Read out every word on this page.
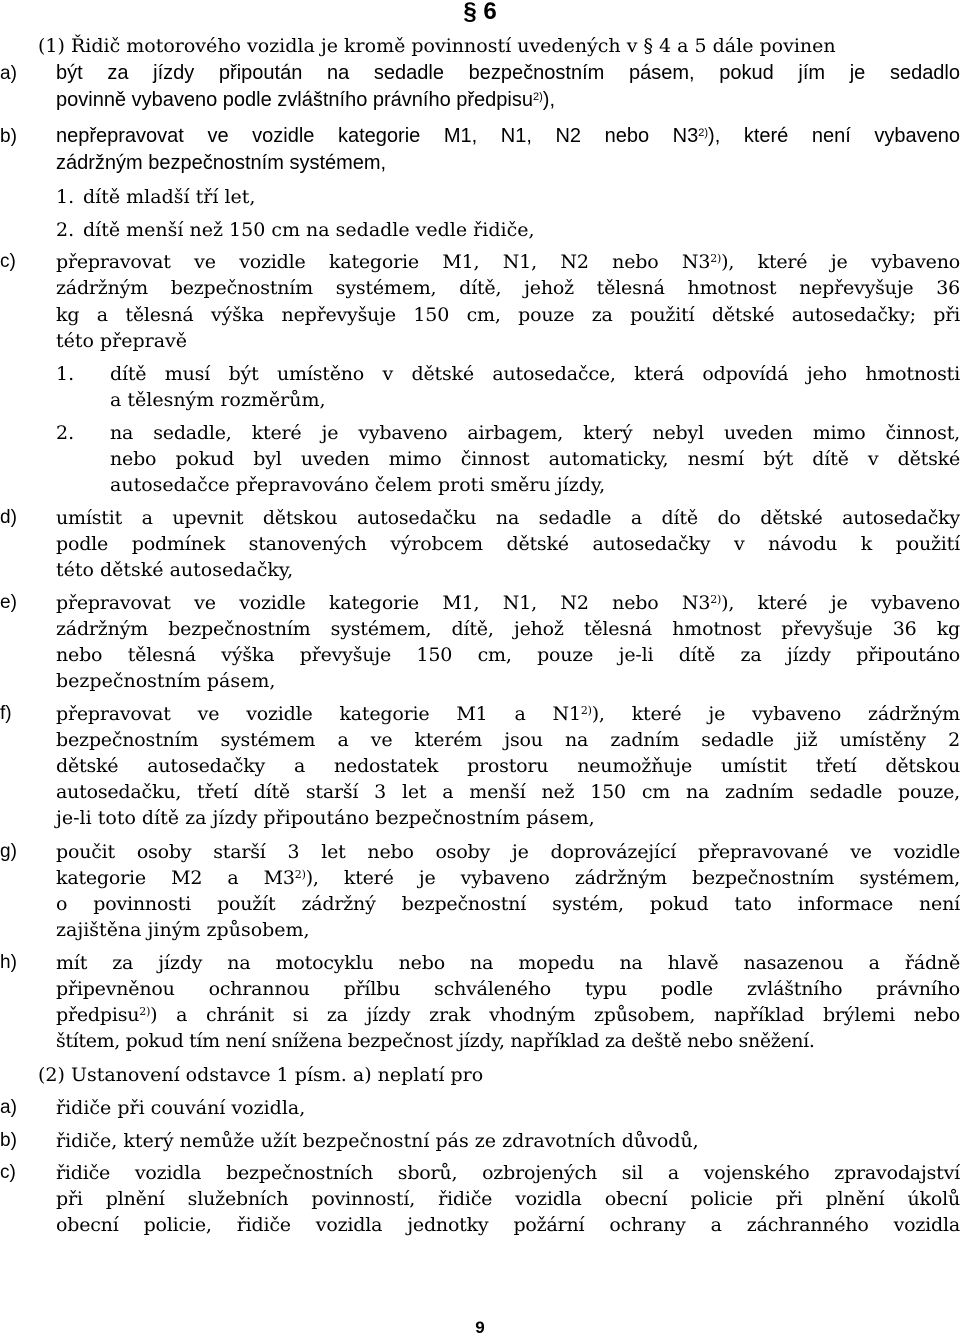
§ 6
(1) Řidič motorového vozidla je kromě povinností uvedených v § 4 a 5 dále povinen
a) být za jízdy připoután na sedadle bezpečnostním pásem, pokud jím je sedadlo
povinně vybaveno podle zvláštního právního předpisu$^{2)}$),
b) nepřepravovat ve vozidle kategorie M1, N1, N2 nebo N3$^{2)}$), které není vybaveno
zádržným bezpečnostním systémem,
1. dítě mladší tří let,
2. dítě menší než 150 cm na sedadle vedle řidiče,
c) přepravovat ve vozidle kategorie M1, N1, N2 nebo N3$^{2)}$), které je vybaveno
zádržným bezpečnostním systémem, dítě, jehož tělesná hmotnost nepřevyšuje 36
kg a tělesná výška nepřevyšuje 150 cm, pouze za použití dětské autosedačky; při
této přepravě
1. dítě musí být umístěno v dětské autosedačce, která odpovídá jeho hmotnosti
a tělesným rozměrům,
2. na sedadle, které je vybaveno airbagem, který nebyl uveden mimo činnost,
nebo pokud byl uveden mimo činnost automaticky, nesmí být dítě v dětské
autosedačce přepravováno čelem proti směru jízdy,
d) umístit a upevnit dětskou autosedačku na sedadle a dítě do dětské autosedačky
podle podmínek stanovených výrobcem dětské autosedačky v návodu k použití
této dětské autosedačky,
e) přepravovat ve vozidle kategorie M1, N1, N2 nebo N3$^{2)}$), které je vybaveno
zádržným bezpečnostním systémem, dítě, jehož tělesná hmotnost převyšuje 36 kg
nebo tělesná výška převyšuje 150 cm, pouze je-li dítě za jízdy připoutáno
bezpečnostním pásem,
f) přepravovat ve vozidle kategorie M1 a N1$^{2)}$), které je vybaveno zádržným
bezpečnostním systémem a ve kterém jsou na zadním sedadle již umístěny 2
dětské autosedačky a nedostatek prostoru neumožňuje umístit třetí dětskou
autosedačku, třetí dítě starší 3 let a menší než 150 cm na zadním sedadle pouze,
je-li toto dítě za jízdy připoutáno bezpečnostním pásem,
g) poučit osoby starší 3 let nebo osoby je doprovázející přepravované ve vozidle
kategorie M2 a M3$^{2)}$), které je vybaveno zádržným bezpečnostním systémem,
o povinnosti použít zádržný bezpečnostní systém, pokud tato informace není
zajištěna jiným způsobem,
h) mít za jízdy na motocyklu nebo na mopedu na hlavě nasazenou a řádně
připevněnou ochrannou přílbu schváleného typu podle zvláštního právního
předpisu$^{2)}$) a chránit si za jízdy zrak vhodným způsobem, například brýlemi nebo
štítem, pokud tím není snížena bezpečnost jízdy, například za deště nebo sněžení.
(2) Ustanovení odstavce 1 písm. a) neplatí pro
a) řidiče při couvání vozidla,
b) řidiče, který nemůže užít bezpečnostní pás ze zdravotních důvodů,
c) řidiče vozidla bezpečnostních sborů, ozbrojených sil a vojenského zpravodajství
při plnění služebních povinností, řidiče vozidla obecní policie při plnění úkolů
obecní policie, řidiče vozidla jednotky požární ochrany a záchranného vozidla
9
